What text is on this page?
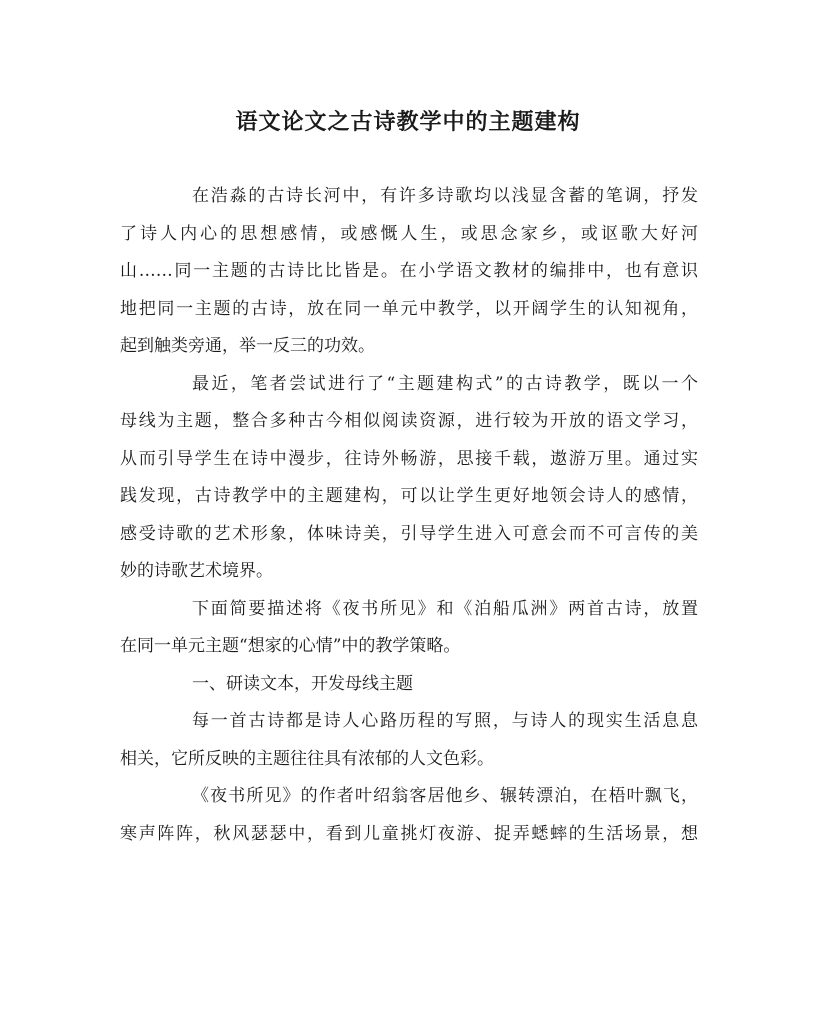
语文论文之古诗教学中的主题建构
在浩淼的古诗长河中，有许多诗歌均以浅显含蓄的笔调，抒发
了诗人内心的思想感情，或感慨人生，或思念家乡，或讴歌大好河
山……同一主题的古诗比比皆是。在小学语文教材的编排中，也有意识
地把同一主题的古诗，放在同一单元中教学，以开阔学生的认知视角，
起到触类旁通，举一反三的功效。
最近，笔者尝试进行了“主题建构式”的古诗教学，既以一个
母线为主题，整合多种古今相似阅读资源，进行较为开放的语文学习，
从而引导学生在诗中漫步，往诗外畅游，思接千载，遨游万里。通过实
践发现，古诗教学中的主题建构，可以让学生更好地领会诗人的感情，
感受诗歌的艺术形象，体味诗美，引导学生进入可意会而不可言传的美
妙的诗歌艺术境界。
下面简要描述将《夜书所见》和《泊船瓜洲》两首古诗，放置
在同一单元主题“想家的心情”中的教学策略。
一、研读文本，开发母线主题
每一首古诗都是诗人心路历程的写照，与诗人的现实生活息息
相关，它所反映的主题往往具有浓郁的人文色彩。
《夜书所见》的作者叶绍翁客居他乡、辗转漂泊，在梧叶飘飞，
寒声阵阵，秋风瑟瑟中，看到儿童挑灯夜游、捉弄蟋蟀的生活场景，想
